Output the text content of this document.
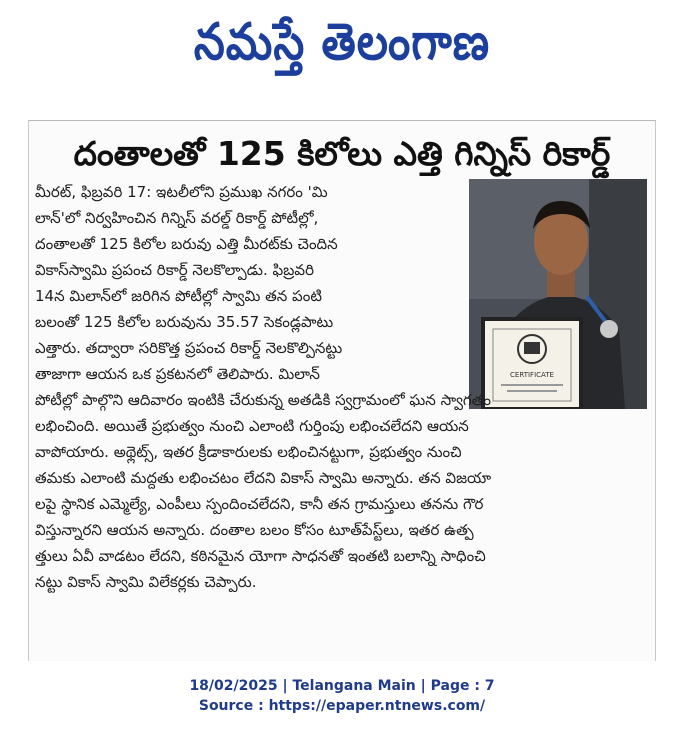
నమస్తే తెలంగాణ
దంతాలతో 125 కిలోలు ఎత్తి గిన్నిస్ రికార్డ్
CERTIFICATE
మీరట్, ఫిబ్రవరి 17: ఇటలీలోని ప్రముఖ నగరం 'మి
లాన్'లో నిర్వహించిన గిన్నిస్ వరల్డ్ రికార్డ్ పోటీల్లో,
దంతాలతో 125 కిలోల బరువు ఎత్తి మీరట్‌కు చెందిన
వికాస్‌స్వామి ప్రపంచ రికార్డ్ నెలకొల్పాడు. ఫిబ్రవరి
14న మిలాన్‌లో జరిగిన పోటీల్లో స్వామి తన పంటి
బలంతో 125 కిలోల బరువును 35.57 సెకండ్లపాటు
ఎత్తారు. తద్వారా సరికొత్త ప్రపంచ రికార్డ్ నెలకొల్పినట్టు
తాజాగా ఆయన ఒక ప్రకటనలో తెలిపారు. మిలాన్
పోటీల్లో పాల్గొని ఆదివారం ఇంటికి చేరుకున్న అతడికి స్వగ్రామంలో ఘన స్వాగతం
లభించింది. అయితే ప్రభుత్వం నుంచి ఎలాంటి గుర్తింపు లభించలేదని ఆయన
వాపోయారు. అథ్లెట్స్, ఇతర క్రీడాకారులకు లభించినట్టుగా, ప్రభుత్వం నుంచి
తమకు ఎలాంటి మద్దతు లభించటం లేదని వికాస్ స్వామి అన్నారు. తన విజయా
లపై స్థానిక ఎమ్మెల్యే, ఎంపీలు స్పందించలేదని, కానీ తన గ్రామస్తులు తనను గౌర
విస్తున్నారని ఆయన అన్నారు. దంతాల బలం కోసం టూత్‌పేస్ట్‌లు, ఇతర ఉత్ప
త్తులు ఏవీ వాడటం లేదని, కఠినమైన యోగా సాధనతో ఇంతటి బలాన్ని సాధించి
నట్టు వికాస్ స్వామి విలేకర్లకు చెప్పారు.
18/02/2025 | Telangana Main | Page : 7
Source : https://epaper.ntnews.com/
